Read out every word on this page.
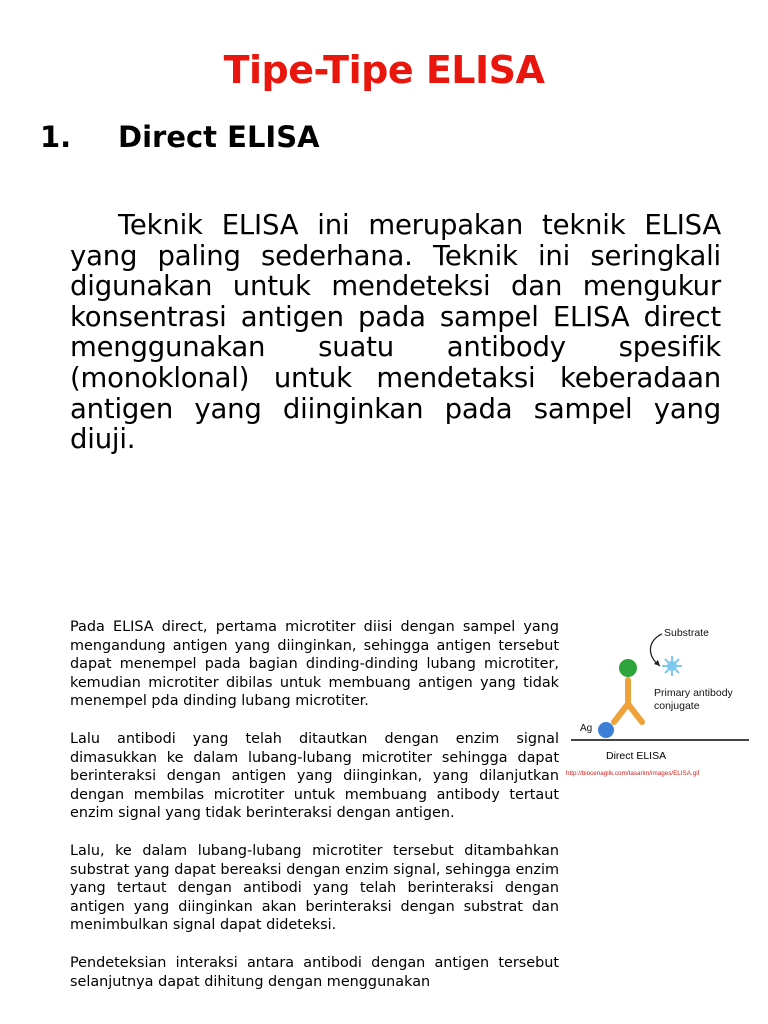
Tipe-Tipe ELISA
1. Direct ELISA
Teknik ELISA ini merupakan teknik ELISA yang paling sederhana. Teknik ini seringkali digunakan untuk mendeteksi dan mengukur konsentrasi antigen pada sampel ELISA direct menggunakan suatu antibody spesifik (monoklonal) untuk mendetaksi keberadaan antigen yang diinginkan pada sampel yang diuji.

Pada ELISA direct, pertama microtiter diisi dengan sampel yang mengandung antigen yang diinginkan, sehingga antigen tersebut dapat menempel pada bagian dinding-dinding lubang microtiter, kemudian microtiter dibilas untuk membuang antigen yang tidak menempel pda dinding lubang microtiter.

Lalu antibodi yang telah ditautkan dengan enzim signal dimasukkan ke dalam lubang-lubang microtiter sehingga dapat berinteraksi dengan antigen yang diinginkan, yang dilanjutkan dengan membilas microtiter untuk membuang antibody tertaut enzim signal yang tidak berinteraksi dengan antigen.

Lalu, ke dalam lubang-lubang microtiter tersebut ditambahkan substrat yang dapat bereaksi dengan enzim signal, sehingga enzim yang tertaut dengan antibodi yang telah berinteraksi dengan antigen yang diinginkan akan berinteraksi dengan substrat dan menimbulkan signal dapat dideteksi.

Pendeteksian interaksi antara antibodi dengan antigen tersebut selanjutnya dapat dihitung dengan menggunakan

Substrate
Primary antibody
conjugate
Ag
Direct ELISA
http://biocenaglik.com/tasarim/images/ELISA.gif
